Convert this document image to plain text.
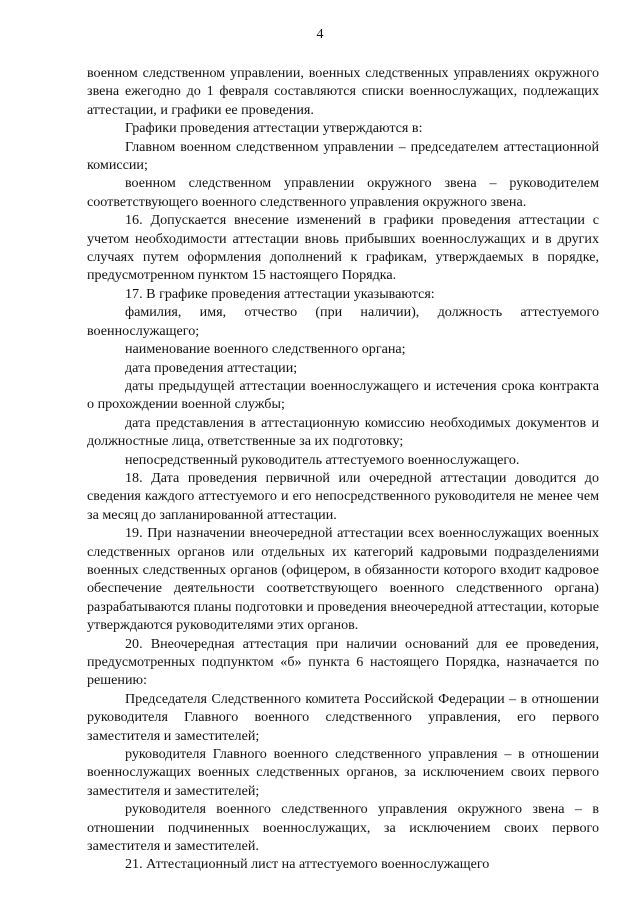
4

военном следственном управлении, военных следственных управлениях окружного звена ежегодно до 1 февраля составляются списки военнослужащих, подлежащих аттестации, и графики ее проведения.

Графики проведения аттестации утверждаются в:

Главном военном следственном управлении – председателем аттестационной комиссии;

военном следственном управлении окружного звена – руководителем соответствующего военного следственного управления окружного звена.

16. Допускается внесение изменений в графики проведения аттестации с учетом необходимости аттестации вновь прибывших военнослужащих и в других случаях путем оформления дополнений к графикам, утверждаемых в порядке, предусмотренном пунктом 15 настоящего Порядка.

17. В графике проведения аттестации указываются:

фамилия, имя, отчество (при наличии), должность аттестуемого военнослужащего;

наименование военного следственного органа;

дата проведения аттестации;

даты предыдущей аттестации военнослужащего и истечения срока контракта о прохождении военной службы;

дата представления в аттестационную комиссию необходимых документов и должностные лица, ответственные за их подготовку;

непосредственный руководитель аттестуемого военнослужащего.

18. Дата проведения первичной или очередной аттестации доводится до сведения каждого аттестуемого и его непосредственного руководителя не менее чем за месяц до запланированной аттестации.

19. При назначении внеочередной аттестации всех военнослужащих военных следственных органов или отдельных их категорий кадровыми подразделениями военных следственных органов (офицером, в обязанности которого входит кадровое обеспечение деятельности соответствующего военного следственного органа) разрабатываются планы подготовки и проведения внеочередной аттестации, которые утверждаются руководителями этих органов.

20. Внеочередная аттестация при наличии оснований для ее проведения, предусмотренных подпунктом «б» пункта 6 настоящего Порядка, назначается по решению:

Председателя Следственного комитета Российской Федерации – в отношении руководителя Главного военного следственного управления, его первого заместителя и заместителей;

руководителя Главного военного следственного управления – в отношении военнослужащих военных следственных органов, за исключением своих первого заместителя и заместителей;

руководителя военного следственного управления окружного звена – в отношении подчиненных военнослужащих, за исключением своих первого заместителя и заместителей.

21. Аттестационный лист на аттестуемого военнослужащего
